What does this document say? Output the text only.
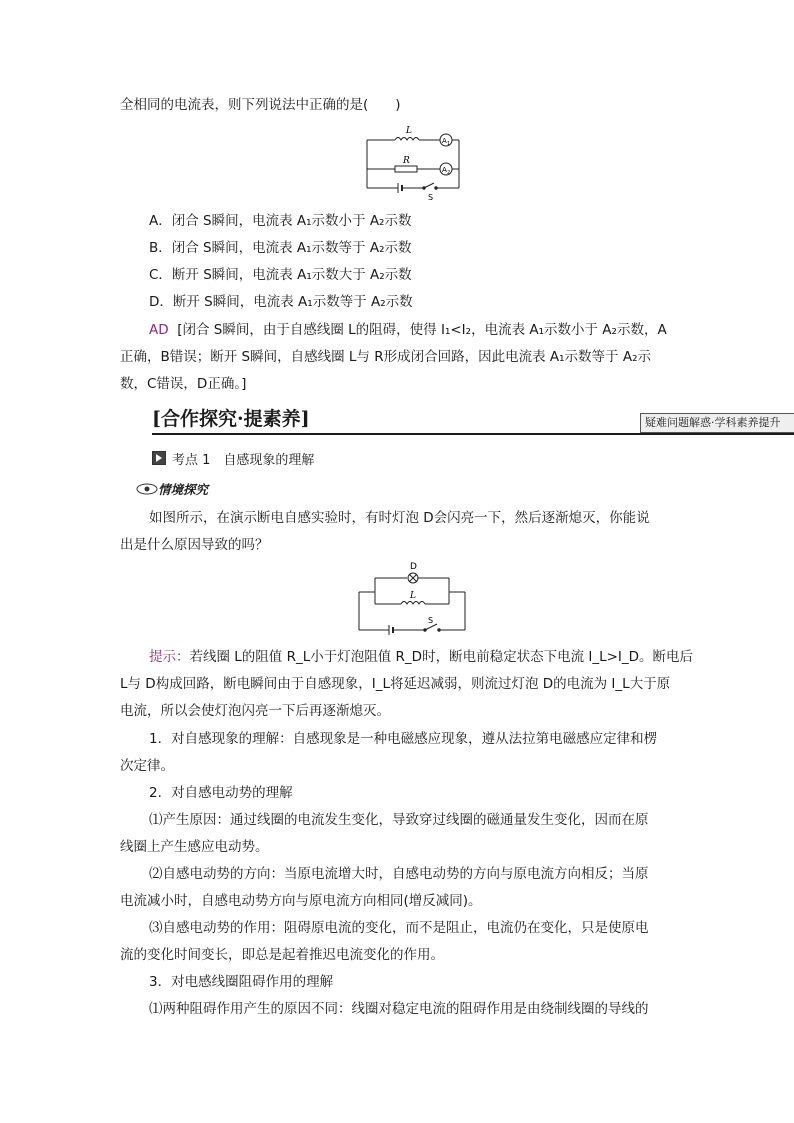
全相同的电流表，则下列说法中正确的是(　　)
L
R
A 1
A 2
S
A．闭合 S瞬间，电流表 A₁示数小于 A₂示数
B．闭合 S瞬间，电流表 A₁示数等于 A₂示数
C．断开 S瞬间，电流表 A₁示数大于 A₂示数
D．断开 S瞬间，电流表 A₁示数等于 A₂示数
AD [闭合 S瞬间，由于自感线圈 L的阻碍，使得 I₁<I₂，电流表 A₁示数小于 A₂示数，A
正确，B错误；断开 S瞬间，自感线圈 L与 R形成闭合回路，因此电流表 A₁示数等于 A₂示
数，C错误，D正确。]
[合作探究·提素养]	疑难问题解惑·学科素养提升
考点 1　自感现象的理解
情境探究
如图所示，在演示断电自感实验时，有时灯泡 D会闪亮一下，然后逐渐熄灭，你能说
出是什么原因导致的吗？
D
L
S
提示：若线圈 L的阻值 R_L小于灯泡阻值 R_D时，断电前稳定状态下电流 I_L>I_D。断电后
L与 D构成回路，断电瞬间由于自感现象，I_L将延迟减弱，则流过灯泡 D的电流为 I_L大于原
电流，所以会使灯泡闪亮一下后再逐渐熄灭。
1．对自感现象的理解：自感现象是一种电磁感应现象，遵从法拉第电磁感应定律和楞
次定律。
2．对自感电动势的理解
⑴产生原因：通过线圈的电流发生变化，导致穿过线圈的磁通量发生变化，因而在原
线圈上产生感应电动势。
⑵自感电动势的方向：当原电流增大时，自感电动势的方向与原电流方向相反；当原
电流减小时，自感电动势方向与原电流方向相同(增反减同)。
⑶自感电动势的作用：阻碍原电流的变化，而不是阻止，电流仍在变化，只是使原电
流的变化时间变长，即总是起着推迟电流变化的作用。
3．对电感线圈阻碍作用的理解
⑴两种阻碍作用产生的原因不同：线圈对稳定电流的阻碍作用是由绕制线圈的导线的
